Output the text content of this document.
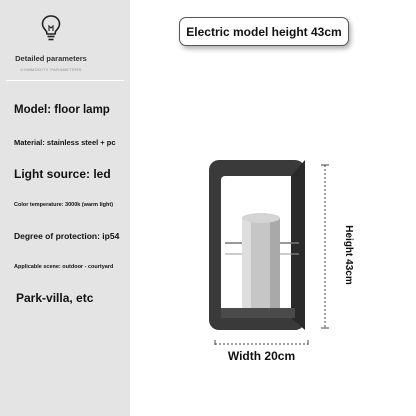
Detailed parameters
COMMODITY PARAMETERS
Model: floor lamp
Material: stainless steel + pc
Light source: led
Color temperature: 3000k (warm light)
Degree of protection: ip54
Applicable scene: outdoor - courtyard
Park-villa, etc
Electric model height 43cm
Height 43cm
Width 20cm
